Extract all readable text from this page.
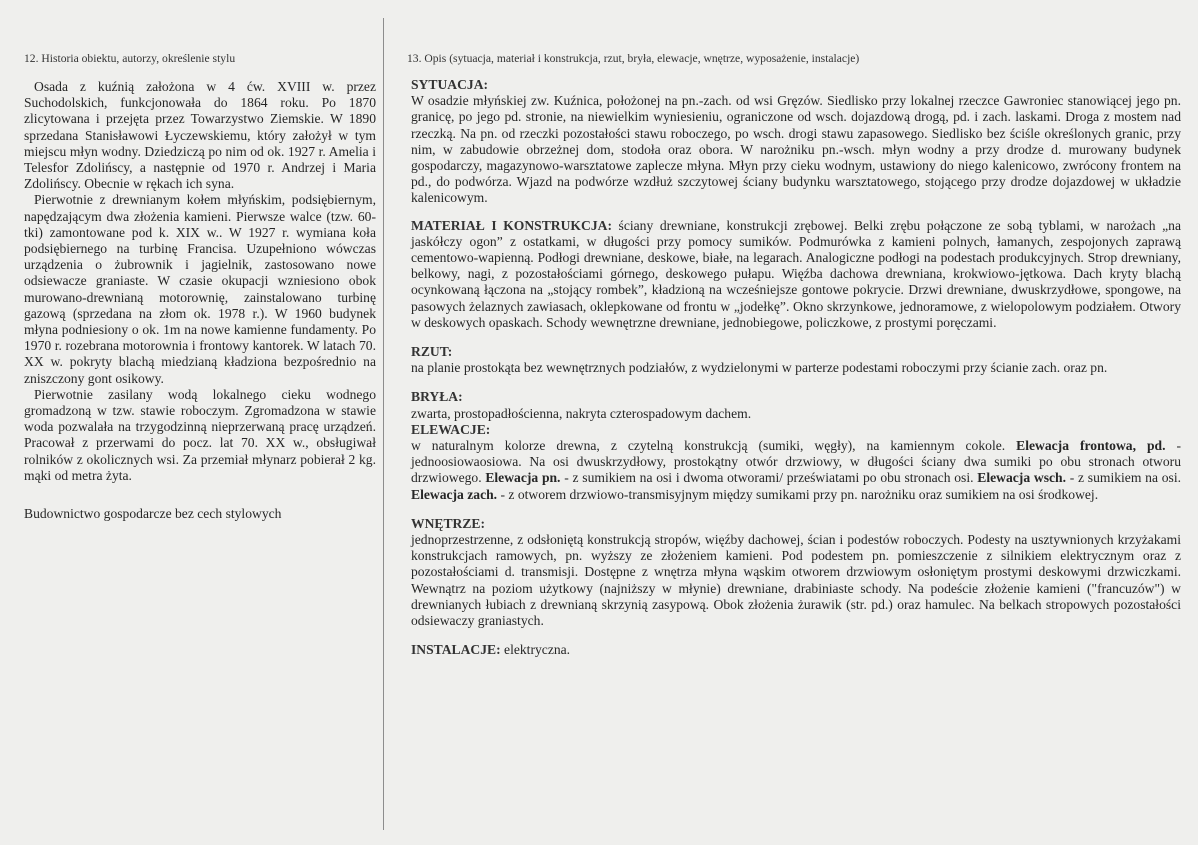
12. Historia obiektu, autorzy, określenie stylu

Osada z kuźnią założona w 4 ćw. XVIII w. przez Suchodolskich, funkcjonowała do 1864 roku. Po 1870 zlicytowana i przejęta przez Towarzystwo Ziemskie. W 1890 sprzedana Stanisławowi Łyczewskiemu, który założył w tym miejscu młyn wodny. Dziedziczą po nim od ok. 1927 r. Amelia i Telesfor Zdolińscy, a następnie od 1970 r. Andrzej i Maria Zdolińscy. Obecnie w rękach ich syna.

Pierwotnie z drewnianym kołem młyńskim, podsiębiernym, napędzającym dwa złożenia kamieni. Pierwsze walce (tzw. 60-tki) zamontowane pod k. XIX w.. W 1927 r. wymiana koła podsiębiernego na turbinę Francisa. Uzupełniono wówczas urządzenia o żubrownik i jagielnik, zastosowano nowe odsiewacze graniaste. W czasie okupacji wzniesiono obok murowano-drewnianą motorownię, zainstalowano turbinę gazową (sprzedana na złom ok. 1978 r.). W 1960 budynek młyna podniesiony o ok. 1m na nowe kamienne fundamenty. Po 1970 r. rozebrana motorownia i frontowy kantorek. W latach 70. XX w. pokryty blachą miedzianą kładziona bezpośrednio na zniszczony gont osikowy.

Pierwotnie zasilany wodą lokalnego cieku wodnego gromadzoną w tzw. stawie roboczym. Zgromadzona w stawie woda pozwalała na trzygodzinną nieprzerwaną pracę urządzeń. Pracował z przerwami do pocz. lat 70. XX w., obsługiwał rolników z okolicznych wsi. Za przemiał młynarz pobierał 2 kg. mąki od metra żyta.

Budownictwo gospodarcze bez cech stylowych

13. Opis (sytuacja, materiał i konstrukcja, rzut, bryła, elewacje, wnętrze, wyposażenie, instalacje)

SYTUACJA:

W osadzie młyńskiej zw. Kuźnica, położonej na pn.-zach. od wsi Gręzów. Siedlisko przy lokalnej rzeczce Gawroniec stanowiącej jego pn. granicę, po jego pd. stronie, na niewielkim wyniesieniu, ograniczone od wsch. dojazdową drogą, pd. i zach. laskami. Droga z mostem nad rzeczką. Na pn. od rzeczki pozostałości stawu roboczego, po wsch. drogi stawu zapasowego. Siedlisko bez ściśle określonych granic, przy nim, w zabudowie obrzeżnej dom, stodoła oraz obora. W narożniku pn.-wsch. młyn wodny a przy drodze d. murowany budynek gospodarczy, magazynowo-warsztatowe zaplecze młyna. Młyn przy cieku wodnym, ustawiony do niego kalenicowo, zwrócony frontem na pd., do podwórza. Wjazd na podwórze wzdłuż szczytowej ściany budynku warsztatowego, stojącego przy drodze dojazdowej w układzie kalenicowym.

MATERIAŁ I KONSTRUKCJA: ściany drewniane, konstrukcji zrębowej. Belki zrębu połączone ze sobą tyblami, w narożach „na jaskółczy ogon” z ostatkami, w długości przy pomocy sumików. Podmurówka z kamieni polnych, łamanych, zespojonych zaprawą cementowo-wapienną. Podłogi drewniane, deskowe, białe, na legarach. Analogiczne podłogi na podestach produkcyjnych. Strop drewniany, belkowy, nagi, z pozostałościami górnego, deskowego pułapu. Więźba dachowa drewniana, krokwiowo-jętkowa. Dach kryty blachą ocynkowaną łączona na „stojący rombek”, kładzioną na wcześniejsze gontowe pokrycie. Drzwi drewniane, dwuskrzydłowe, spongowe, na pasowych żelaznych zawiasach, oklepkowane od frontu w „jodełkę”. Okno skrzynkowe, jednoramowe, z wielopolowym podziałem. Otwory w deskowych opaskach. Schody wewnętrzne drewniane, jednobiegowe, policzkowe, z prostymi poręczami.

RZUT:

na planie prostokąta bez wewnętrznych podziałów, z wydzielonymi w parterze podestami roboczymi przy ścianie zach. oraz pn.

BRYŁA:

zwarta, prostopadłościenna, nakryta czterospadowym dachem.

ELEWACJE:

w naturalnym kolorze drewna, z czytelną konstrukcją (sumiki, węgły), na kamiennym cokole. Elewacja frontowa, pd. - jednoosiowaosiowa. Na osi dwuskrzydłowy, prostokątny otwór drzwiowy, w długości ściany dwa sumiki po obu stronach otworu drzwiowego. Elewacja pn. - z sumikiem na osi i dwoma otworami/ przeświatami po obu stronach osi. Elewacja wsch. - z sumikiem na osi. Elewacja zach. - z otworem drzwiowo-transmisyjnym między sumikami przy pn. narożniku oraz sumikiem na osi środkowej.

WNĘTRZE:

jednoprzestrzenne, z odsłoniętą konstrukcją stropów, więźby dachowej, ścian i podestów roboczych. Podesty na usztywnionych krzyżakami konstrukcjach ramowych, pn. wyższy ze złożeniem kamieni. Pod podestem pn. pomieszczenie z silnikiem elektrycznym oraz z pozostałościami d. transmisji. Dostępne z wnętrza młyna wąskim otworem drzwiowym osłoniętym prostymi deskowymi drzwiczkami. Wewnątrz na poziom użytkowy (najniższy w młynie) drewniane, drabiniaste schody. Na podeście złożenie kamieni ("francuzów") w drewnianych łubiach z drewnianą skrzynią zasypową. Obok złożenia żurawik (str. pd.) oraz hamulec. Na belkach stropowych pozostałości odsiewaczy graniastych.

INSTALACJE: elektryczna.
